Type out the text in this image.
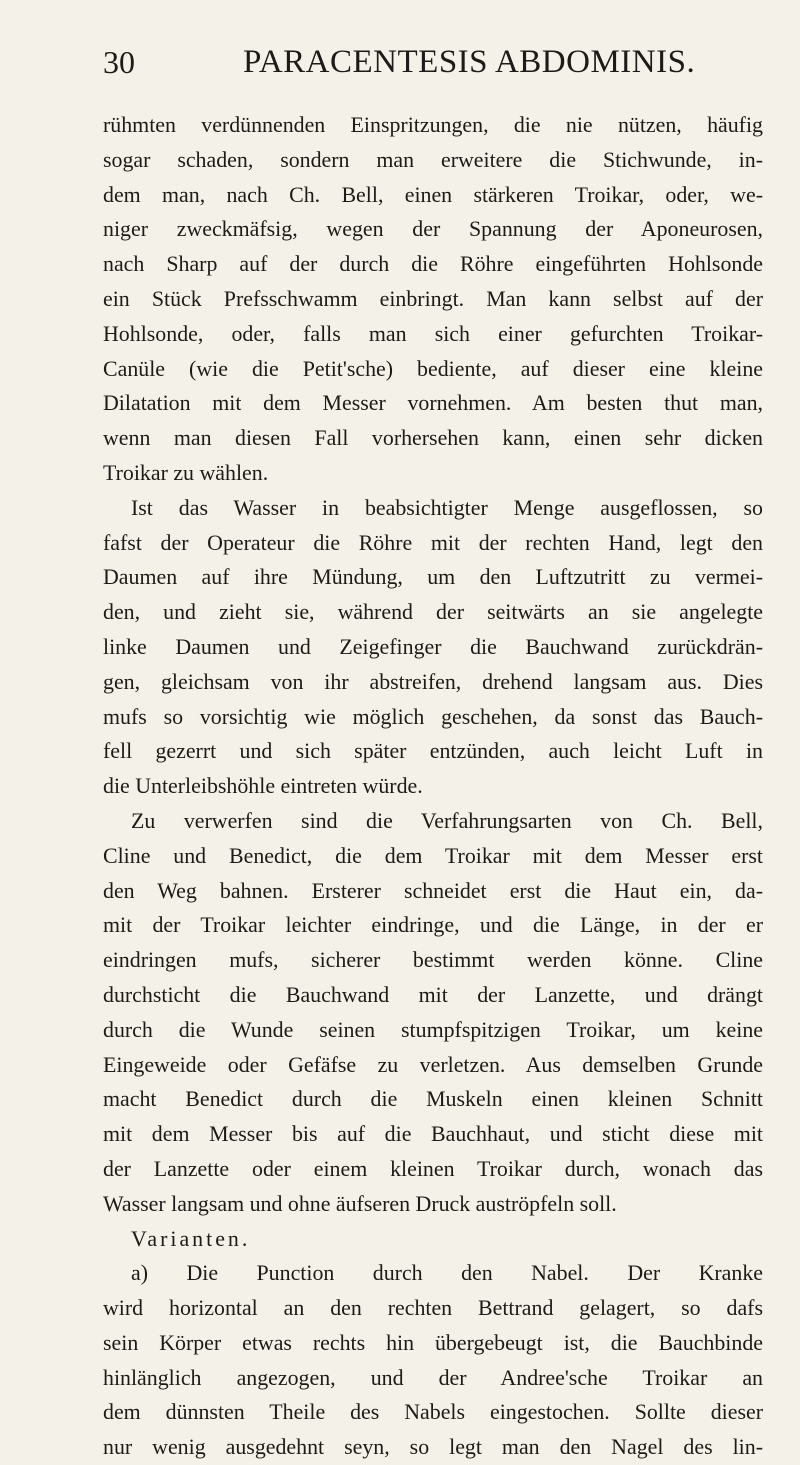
30	PARACENTESIS ABDOMINIS.
rühmten verdünnenden Einspritzungen, die nie nützen, häufig
sogar schaden, sondern man erweitere die Stichwunde, in-
dem man, nach Ch. Bell, einen stärkeren Troikar, oder, we-
niger zweckmäfsig, wegen der Spannung der Aponeurosen,
nach Sharp auf der durch die Röhre eingeführten Hohlsonde
ein Stück Prefsschwamm einbringt. Man kann selbst auf der
Hohlsonde, oder, falls man sich einer gefurchten Troikar-
Canüle (wie die Petit'sche) bediente, auf dieser eine kleine
Dilatation mit dem Messer vornehmen. Am besten thut man,
wenn man diesen Fall vorhersehen kann, einen sehr dicken
Troikar zu wählen.
Ist das Wasser in beabsichtigter Menge ausgeflossen, so
fafst der Operateur die Röhre mit der rechten Hand, legt den
Daumen auf ihre Mündung, um den Luftzutritt zu vermei-
den, und zieht sie, während der seitwärts an sie angelegte
linke Daumen und Zeigefinger die Bauchwand zurückdrän-
gen, gleichsam von ihr abstreifen, drehend langsam aus. Dies
mufs so vorsichtig wie möglich geschehen, da sonst das Bauch-
fell gezerrt und sich später entzünden, auch leicht Luft in
die Unterleibshöhle eintreten würde.
Zu verwerfen sind die Verfahrungsarten von Ch. Bell,
Cline und Benedict, die dem Troikar mit dem Messer erst
den Weg bahnen. Ersterer schneidet erst die Haut ein, da-
mit der Troikar leichter eindringe, und die Länge, in der er
eindringen mufs, sicherer bestimmt werden könne. Cline
durchsticht die Bauchwand mit der Lanzette, und drängt
durch die Wunde seinen stumpfspitzigen Troikar, um keine
Eingeweide oder Gefäfse zu verletzen. Aus demselben Grunde
macht Benedict durch die Muskeln einen kleinen Schnitt
mit dem Messer bis auf die Bauchhaut, und sticht diese mit
der Lanzette oder einem kleinen Troikar durch, wonach das
Wasser langsam und ohne äufseren Druck auströpfeln soll.
Varianten.
a) Die Punction durch den Nabel. Der Kranke
wird horizontal an den rechten Bettrand gelagert, so dafs
sein Körper etwas rechts hin übergebeugt ist, die Bauchbinde
hinlänglich angezogen, und der Andree'sche Troikar an
dem dünnsten Theile des Nabels eingestochen. Sollte dieser
nur wenig ausgedehnt seyn, so legt man den Nagel des lin-
